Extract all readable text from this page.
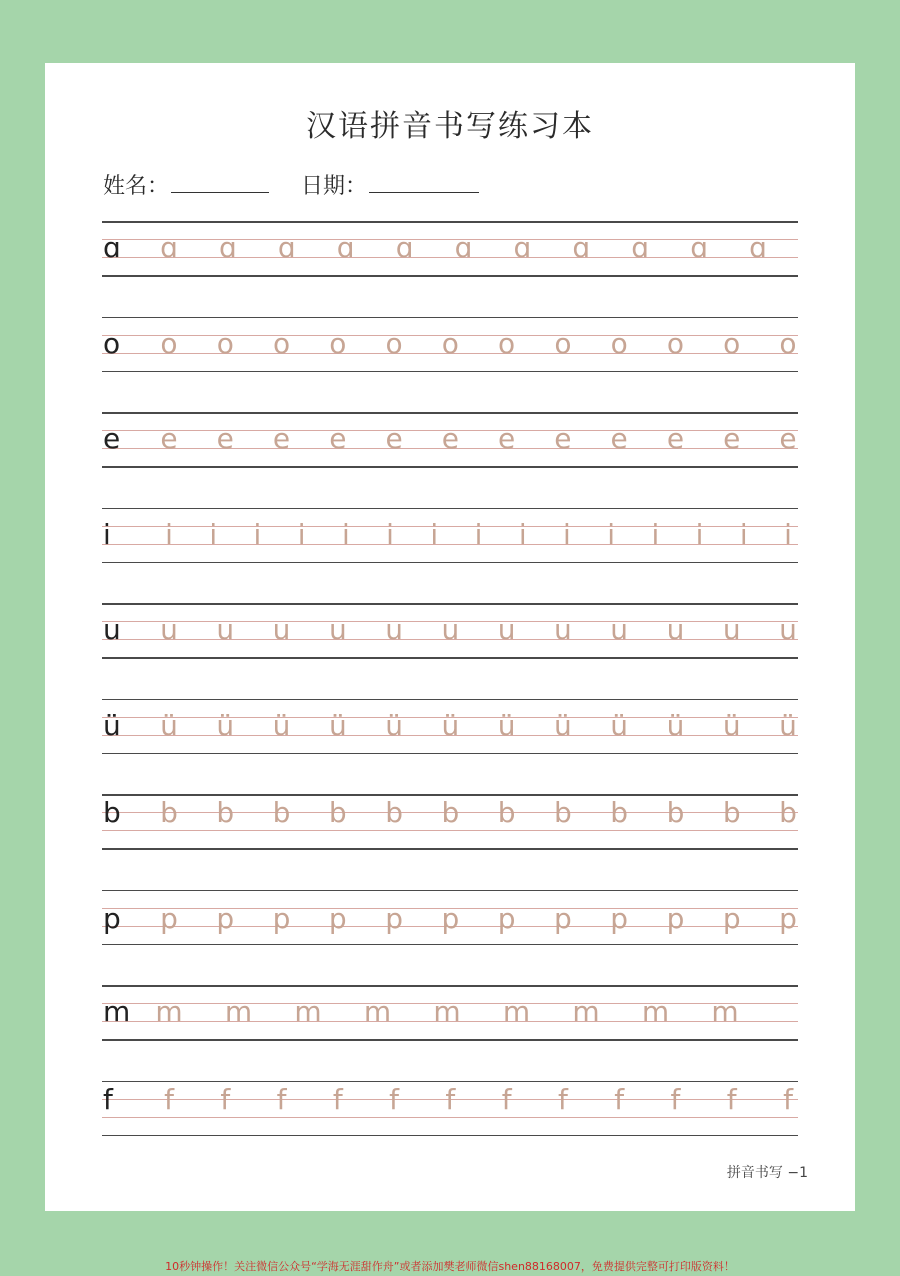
汉语拼音书写练习本
姓名：	日期：
ɑ ɑ ɑ ɑ ɑ ɑ ɑ ɑ ɑ ɑ ɑ ɑ
o o o o o o o o o o o o o
e e e e e e e e e e e e e
i	i	i	i	i	i	i	i	i	i	i	i	i	i	i	i
u u u u u u u u u u u u u
ü ü ü ü ü ü ü ü ü ü ü ü ü
b b b b b b b b b b b b b
p p p p p p p p p p p p p
m m m m m m m m m m
f	f	f	f	f	f	f	f	f	f	f	f	f
拼音书写 −1
10秒钟操作！关注微信公众号“学海无涯甜作舟”或者添加樊老师微信shen88168007，免费提供完整可打印版资料！
